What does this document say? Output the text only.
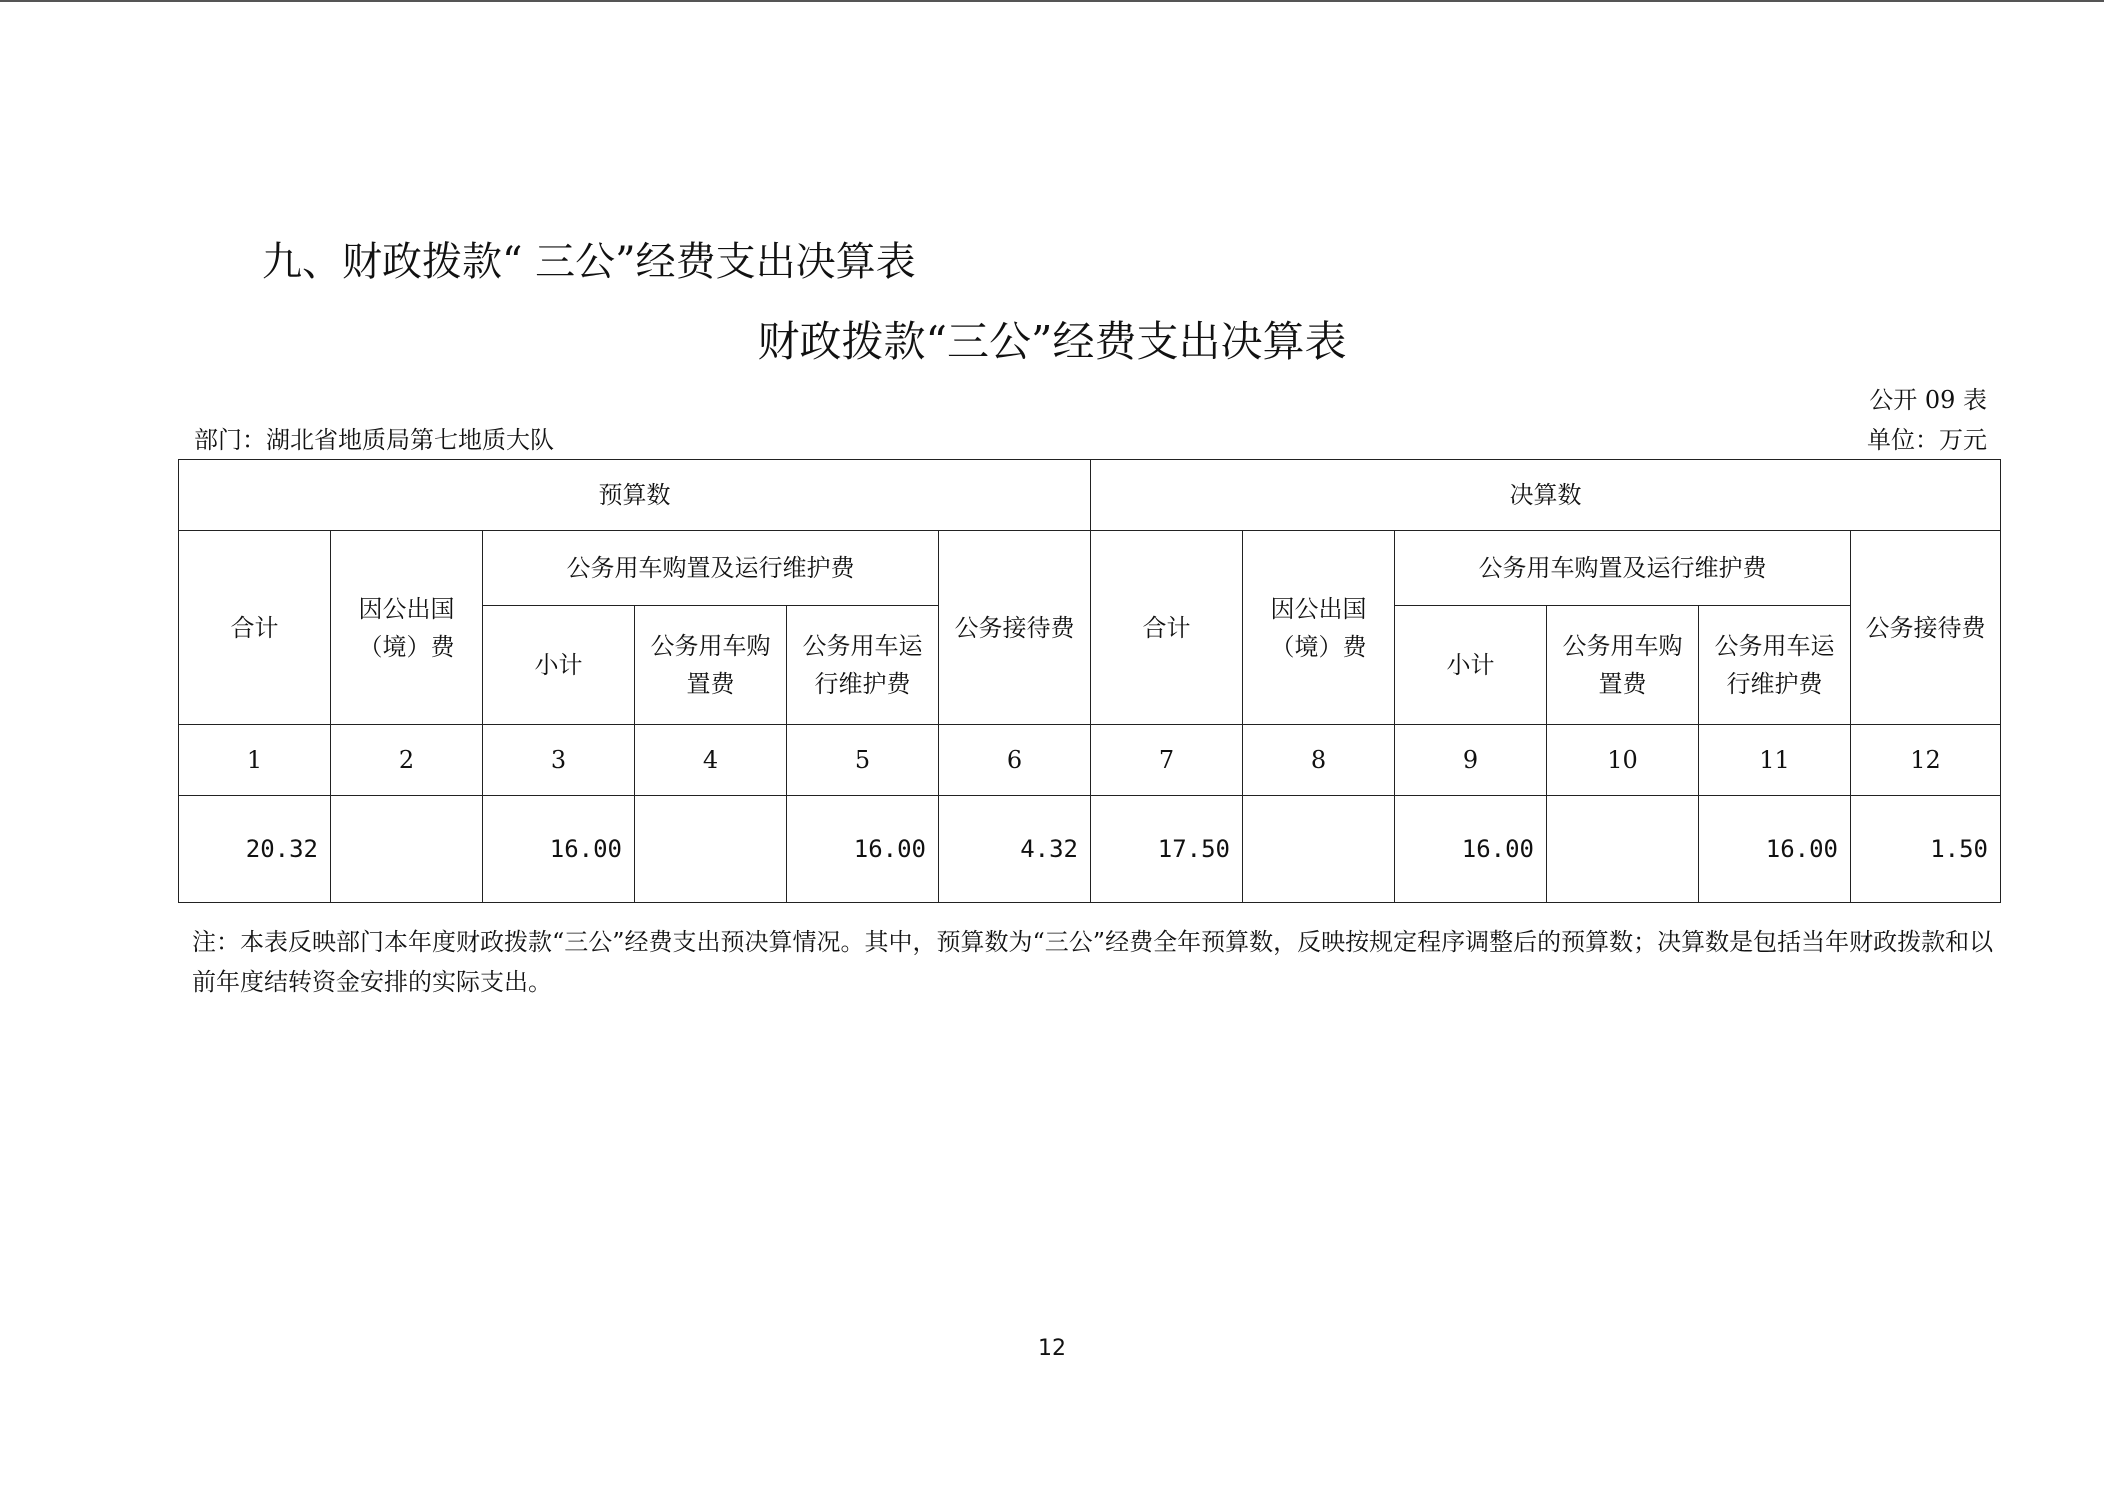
九、财政拨款“ 三公”经费支出决算表
财政拨款“三公”经费支出决算表
公开 09 表
部门：湖北省地质局第七地质大队	单位：万元
预算数						决算数					
合计	因公出国（境）费	公务用车购置及运行维护费			公务接待费	合计	因公出国（境）费	公务用车购置及运行维护费			公务接待费
		小计	公务用车购置费	公务用车运行维护费				小计	公务用车购置费	公务用车运行维护费	
1	2	3	4	5	6	7	8	9	10	11	12
20.32		16.00		16.00	4.32	17.50		16.00		16.00	1.50
注：本表反映部门本年度财政拨款“三公”经费支出预决算情况。其中，预算数为“三公”经费全年预算数，反映按规定程序调整后的预算数；决算数是包括当年财政拨款和以前年度结转资金安排的实际支出。
12
